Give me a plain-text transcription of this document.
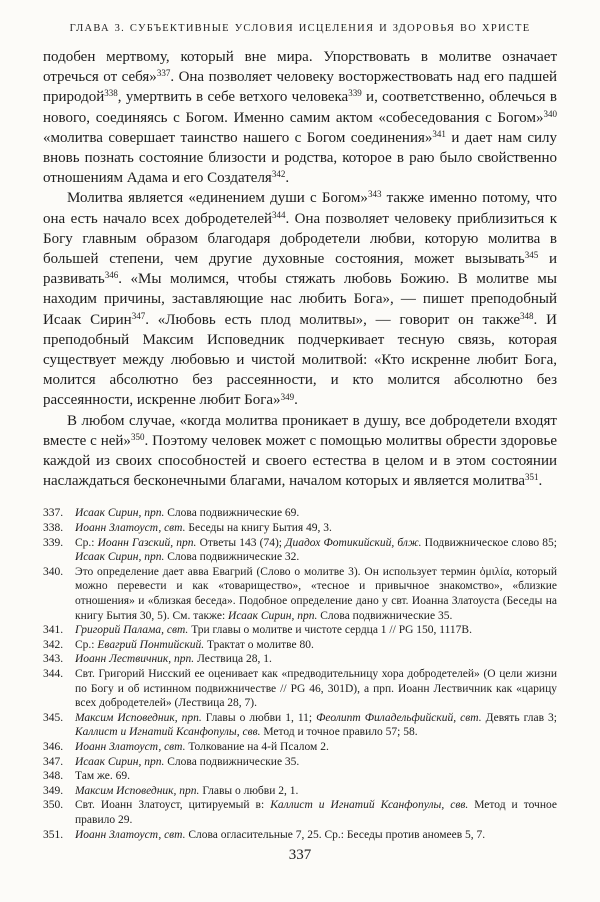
ГЛАВА 3. СУБЪЕКТИВНЫЕ УСЛОВИЯ ИСЦЕЛЕНИЯ И ЗДОРОВЬЯ ВО ХРИСТЕ

подобен мертвому, который вне мира. Упорствовать в молитве означает отречься от себя»$^{337}$. Она позволяет человеку восторжествовать над его падшей природой$^{338}$, умертвить в себе ветхого человека$^{339}$ и, соответственно, облечься в нового, соединяясь с Богом. Именно самим актом «собеседования с Богом»$^{340}$ «молитва совершает таинство нашего с Богом соединения»$^{341}$ и дает нам силу вновь познать состояние близости и родства, которое в раю было свойственно отношениям Адама и его Создателя$^{342}$.

Молитва является «единением души с Богом»$^{343}$ также именно потому, что она есть начало всех добродетелей$^{344}$. Она позволяет человеку приблизиться к Богу главным образом благодаря добродетели любви, которую молитва в большей степени, чем другие духовные состояния, может вызывать$^{345}$ и развивать$^{346}$. «Мы молимся, чтобы стяжать любовь Божию. В молитве мы находим причины, заставляющие нас любить Бога», — пишет преподобный Исаак Сирин$^{347}$. «Любовь есть плод молитвы», — говорит он также$^{348}$. И преподобный Максим Исповедник подчеркивает тесную связь, которая существует между любовью и чистой молитвой: «Кто искренне любит Бога, молится абсолютно без рассеянности, и кто молится абсолютно без рассеянности, искренне любит Бога»$^{349}$.

В любом случае, «когда молитва проникает в душу, все добродетели входят вместе с ней»$^{350}$. Поэтому человек может с помощью молитвы обрести здоровье каждой из своих способностей и своего естества в целом и в этом состоянии наслаждаться бесконечными благами, началом которых и является молитва$^{351}$.

337. Исаак Сирин, прп. Слова подвижнические 69.
338. Иоанн Златоуст, свт. Беседы на книгу Бытия 49, 3.
339. Ср.: Иоанн Газский, прп. Ответы 143 (74); Диадох Фотикийский, блж. Подвижническое слово 85; Исаак Сирин, прп. Слова подвижнические 32.
340. Это определение дает авва Евагрий (Слово о молитве 3). Он использует термин ὁμιλία, который можно перевести и как «товарищество», «тесное и привычное знакомство», «близкие отношения» и «близкая беседа». Подобное определение дано у свт. Иоанна Златоуста (Беседы на книгу Бытия 30, 5). См. также: Исаак Сирин, прп. Слова подвижнические 35.
341. Григорий Палама, свт. Три главы о молитве и чистоте сердца 1 // PG 150, 1117B.
342. Ср.: Евагрий Понтийский. Трактат о молитве 80.
343. Иоанн Лествичник, прп. Лествица 28, 1.
344. Свт. Григорий Нисский ее оценивает как «предводительницу хора добродетелей» (О цели жизни по Богу и об истинном подвижничестве // PG 46, 301D), а прп. Иоанн Лествичник как «царицу всех добродетелей» (Лествица 28, 7).
345. Максим Исповедник, прп. Главы о любви 1, 11; Феолипт Филадельфийский, свт. Девять глав 3; Каллист и Игнатий Ксанфопулы, свв. Метод и точное правило 57; 58.
346. Иоанн Златоуст, свт. Толкование на 4-й Псалом 2.
347. Исаак Сирин, прп. Слова подвижнические 35.
348. Там же. 69.
349. Максим Исповедник, прп. Главы о любви 2, 1.
350. Свт. Иоанн Златоуст, цитируемый в: Каллист и Игнатий Ксанфопулы, свв. Метод и точное правило 29.
351. Иоанн Златоуст, свт. Слова огласительные 7, 25. Ср.: Беседы против аномеев 5, 7.
337
